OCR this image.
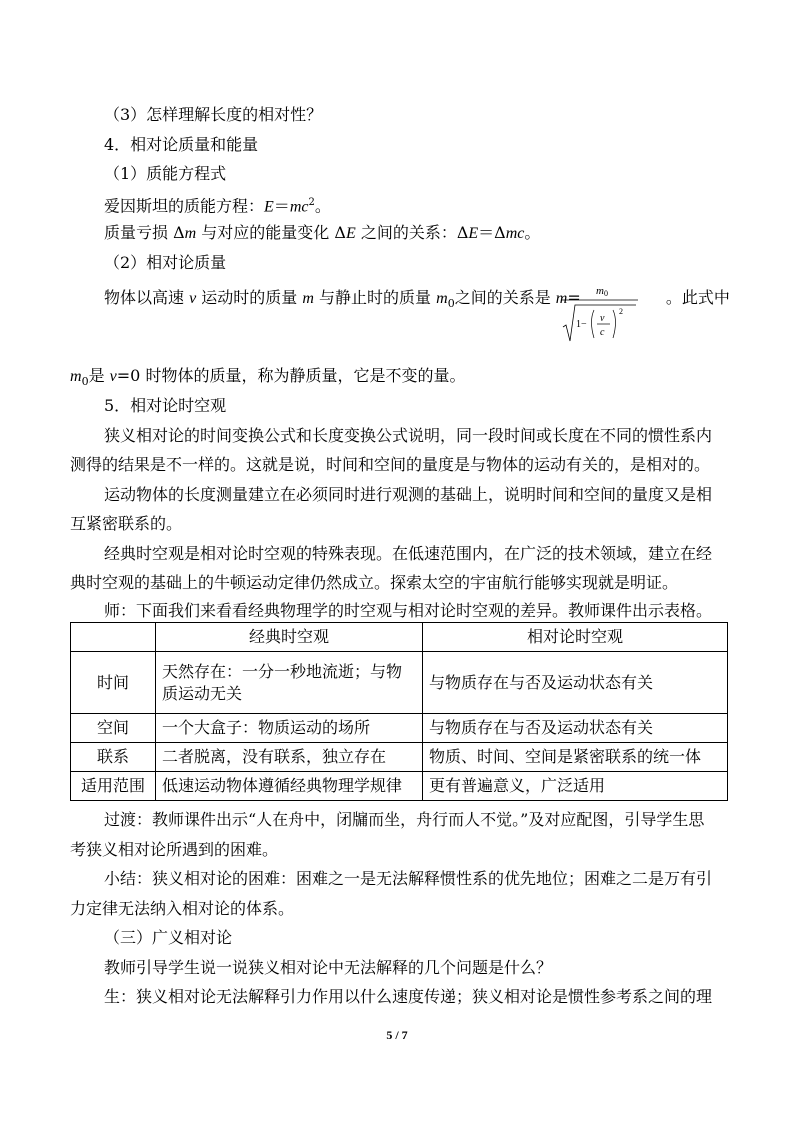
（3）怎样理解长度的相对性？
4．相对论质量和能量
（1）质能方程式
爱因斯坦的质能方程：$E=mc^2$。
质量亏损 Δm 与对应的能量变化 ΔE 之间的关系：ΔE＝Δmc。
（2）相对论质量
物体以高速 v 运动时的质量 m 与静止时的质量 $m_0$之间的关系是 m=	。此式中
m 0
1−
v
c
2
$m_0$是 v=0 时物体的质量，称为静质量，它是不变的量。
5．相对论时空观
狭义相对论的时间变换公式和长度变换公式说明，同一段时间或长度在不同的惯性系内
测得的结果是不一样的。这就是说，时间和空间的量度是与物体的运动有关的，是相对的。
运动物体的长度测量建立在必须同时进行观测的基础上，说明时间和空间的量度又是相
互紧密联系的。
经典时空观是相对论时空观的特殊表现。在低速范围内，在广泛的技术领域，建立在经
典时空观的基础上的牛顿运动定律仍然成立。探索太空的宇宙航行能够实现就是明证。
师：下面我们来看看经典物理学的时空观与相对论时空观的差异。教师课件出示表格。
	经典时空观	相对论时空观
时间	天然存在：一分一秒地流逝；与物
质运动无关	与物质存在与否及运动状态有关
空间	一个大盒子：物质运动的场所	与物质存在与否及运动状态有关
联系	二者脱离，没有联系，独立存在	物质、时间、空间是紧密联系的统一体
适用范围	低速运动物体遵循经典物理学规律	更有普遍意义，广泛适用
过渡：教师课件出示“人在舟中，闭牖而坐，舟行而人不觉。”及对应配图，引导学生思
考狭义相对论所遇到的困难。
小结：狭义相对论的困难：困难之一是无法解释惯性系的优先地位；困难之二是万有引
力定律无法纳入相对论的体系。
（三）广义相对论
教师引导学生说一说狭义相对论中无法解释的几个问题是什么？
生：狭义相对论无法解释引力作用以什么速度传递；狭义相对论是惯性参考系之间的理
5 / 7
